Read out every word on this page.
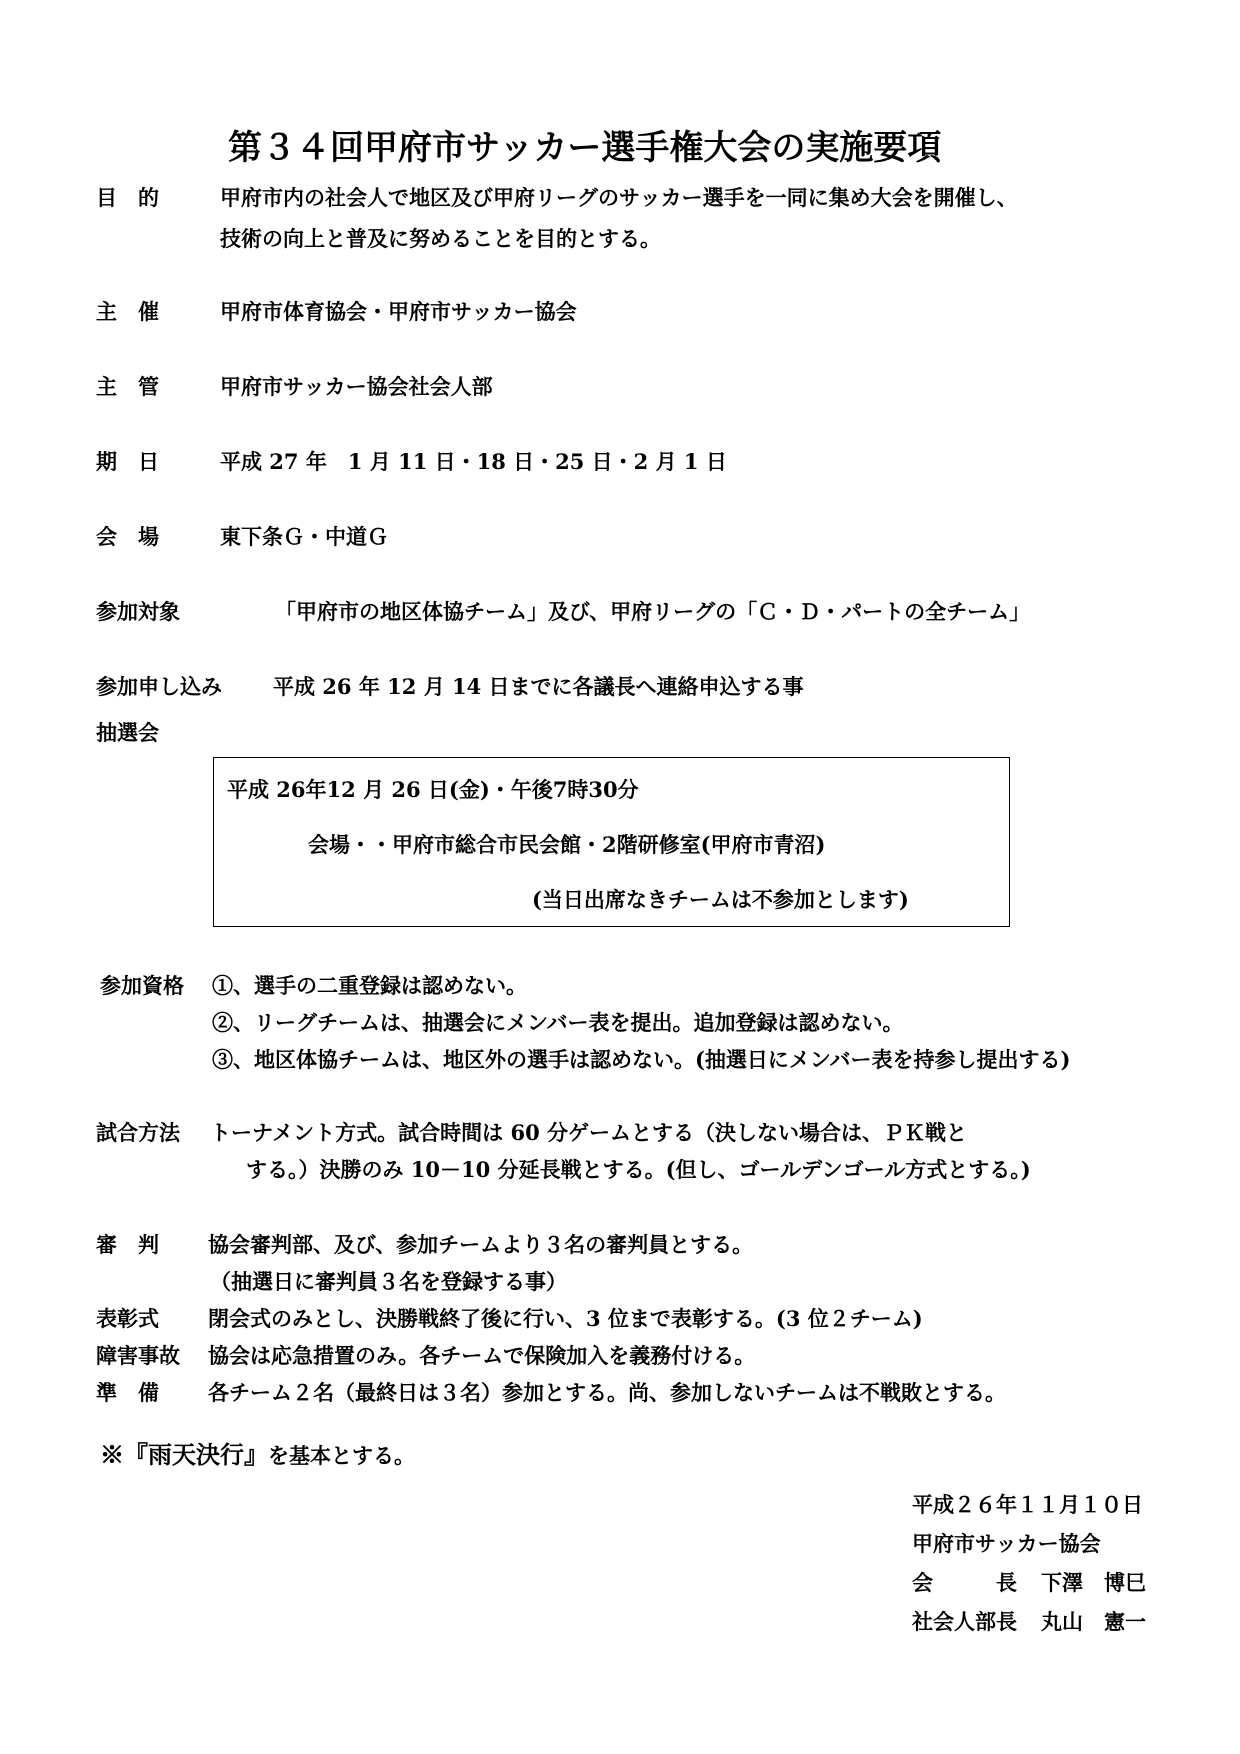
第３４回甲府市サッカー選手権大会の実施要項
目　的	甲府市内の社会人で地区及び甲府リーグのサッカー選手を一同に集め大会を開催し、
技術の向上と普及に努めることを目的とする。
主　催	甲府市体育協会・甲府市サッカー協会
主　管	甲府市サッカー協会社会人部
期　日	平成 27 年　1 月 11 日・18 日・25 日・2 月 1 日
会　場	東下条Ｇ・中道Ｇ
参加対象	「甲府市の地区体協チーム」及び、甲府リーグの「Ｃ・Ｄ・パートの全チーム」
参加申し込み 平成 26 年 12 月 14 日までに各議長へ連絡申込する事
抽選会
平成 26年12 月 26 日(金)・午後7時30分
会場・・甲府市総合市民会館・2階研修室(甲府市青沼)
(当日出席なきチームは不参加とします)
参加資格 ①、選手の二重登録は認めない。
②、リーグチームは、抽選会にメンバー表を提出。追加登録は認めない。
③、地区体協チームは、地区外の選手は認めない。(抽選日にメンバー表を持参し提出する)
試合方法 トーナメント方式。試合時間は 60 分ゲームとする（決しない場合は、ＰＫ戦と
する。）決勝のみ 10－10 分延長戦とする。(但し、ゴールデンゴール方式とする。)
審　判 協会審判部、及び、参加チームより３名の審判員とする。
（抽選日に審判員３名を登録する事）
表彰式 閉会式のみとし、決勝戦終了後に行い、3 位まで表彰する。(3 位２チーム)
障害事故 協会は応急措置のみ。各チームで保険加入を義務付ける。
準　備 各チーム２名（最終日は３名）参加とする。尚、参加しないチームは不戦敗とする。
※『雨天決行』を基本とする。
平成２６年１１月１０日
甲府市サッカー協会
会　　　長 下澤　博巳
社会人部長 丸山　憲一
